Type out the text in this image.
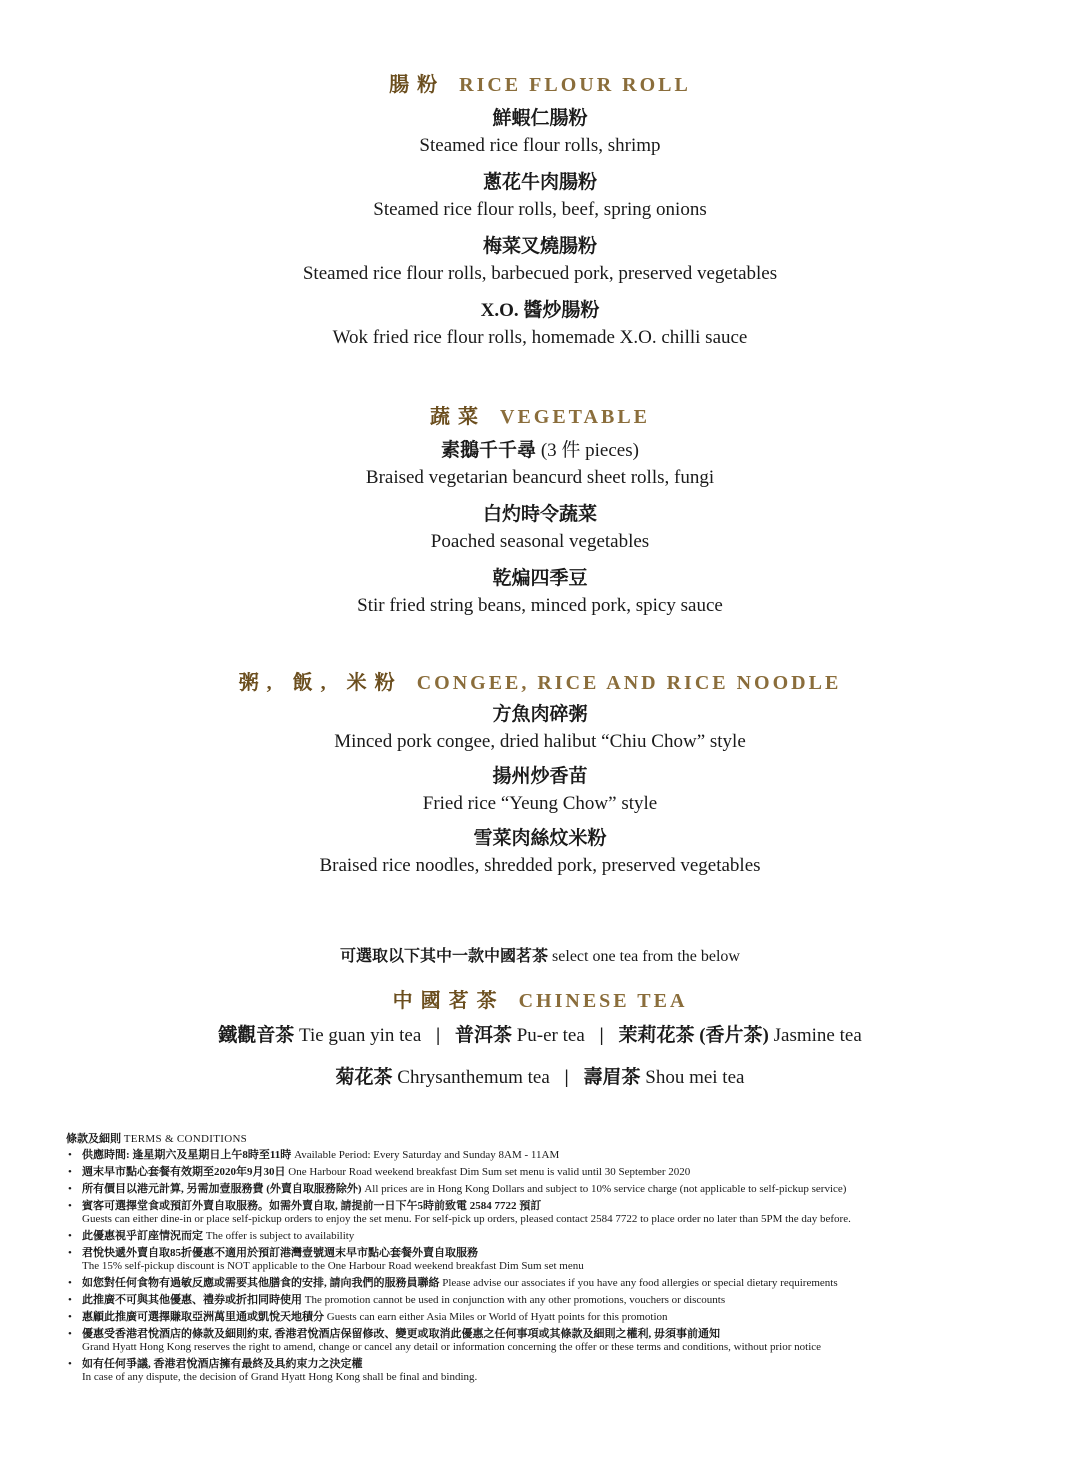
腸粉 RICE FLOUR ROLL
鮮蝦仁腸粉
Steamed rice flour rolls, shrimp
蔥花牛肉腸粉
Steamed rice flour rolls, beef, spring onions
梅菜叉燒腸粉
Steamed rice flour rolls, barbecued pork, preserved vegetables
X.O. 醬炒腸粉
Wok fried rice flour rolls, homemade X.O. chilli sauce
蔬菜 VEGETABLE
素鵝千千尋 (3 件 pieces)
Braised vegetarian beancurd sheet rolls, fungi
白灼時令蔬菜
Poached seasonal vegetables
乾煸四季豆
Stir fried string beans, minced pork, spicy sauce
粥, 飯, 米粉 CONGEE, RICE AND RICE NOODLE
方魚肉碎粥
Minced pork congee, dried halibut “Chiu Chow” style
揚州炒香苗
Fried rice “Yeung Chow” style
雪菜肉絲炆米粉
Braised rice noodles, shredded pork, preserved vegetables
可選取以下其中一款中國茗茶 select one tea from the below
中國茗茶 CHINESE TEA
鐵觀音茶 Tie guan yin tea | 普洱茶 Pu-er tea | 茉莉花茶 (香片茶) Jasmine tea
菊花茶 Chrysanthemum tea | 壽眉茶 Shou mei tea
條款及細則 TERMS & CONDITIONS
• 供應時間: 逢星期六及星期日上午8時至11時 Available Period: Every Saturday and Sunday 8AM - 11AM
• 週末早市點心套餐有效期至2020年9月30日 One Harbour Road weekend breakfast Dim Sum set menu is valid until 30 September 2020
• 所有價目以港元計算, 另需加壹服務費 (外賣自取服務除外) All prices are in Hong Kong Dollars and subject to 10% service charge (not applicable to self-pickup service)
• 賓客可選擇堂食或預訂外賣自取服務。如需外賣自取, 請提前一日下午5時前致電 2584 7722 預訂
Guests can either dine-in or place self-pickup orders to enjoy the set menu. For self-pick up orders, pleased contact 2584 7722 to place order no later than 5PM the day before.
• 此優惠視乎訂座情況而定 The offer is subject to availability
• 君悅快遞外賣自取85折優惠不適用於預訂港灣壹號週末早市點心套餐外賣自取服務
The 15% self-pickup discount is NOT applicable to the One Harbour Road weekend breakfast Dim Sum set menu
• 如您對任何食物有過敏反應或需要其他膳食的安排, 請向我們的服務員聯絡 Please advise our associates if you have any food allergies or special dietary requirements
• 此推廣不可與其他優惠、禮券或折扣同時使用 The promotion cannot be used in conjunction with any other promotions, vouchers or discounts
• 惠顧此推廣可選擇賺取亞洲萬里通或凱悅天地積分 Guests can earn either Asia Miles or World of Hyatt points for this promotion
• 優惠受香港君悅酒店的條款及細則約束, 香港君悅酒店保留修改、變更或取消此優惠之任何事項或其條款及細則之權利, 毋須事前通知
Grand Hyatt Hong Kong reserves the right to amend, change or cancel any detail or information concerning the offer or these terms and conditions, without prior notice
• 如有任何爭議, 香港君悅酒店擁有最終及具約束力之決定權
In case of any dispute, the decision of Grand Hyatt Hong Kong shall be final and binding.
